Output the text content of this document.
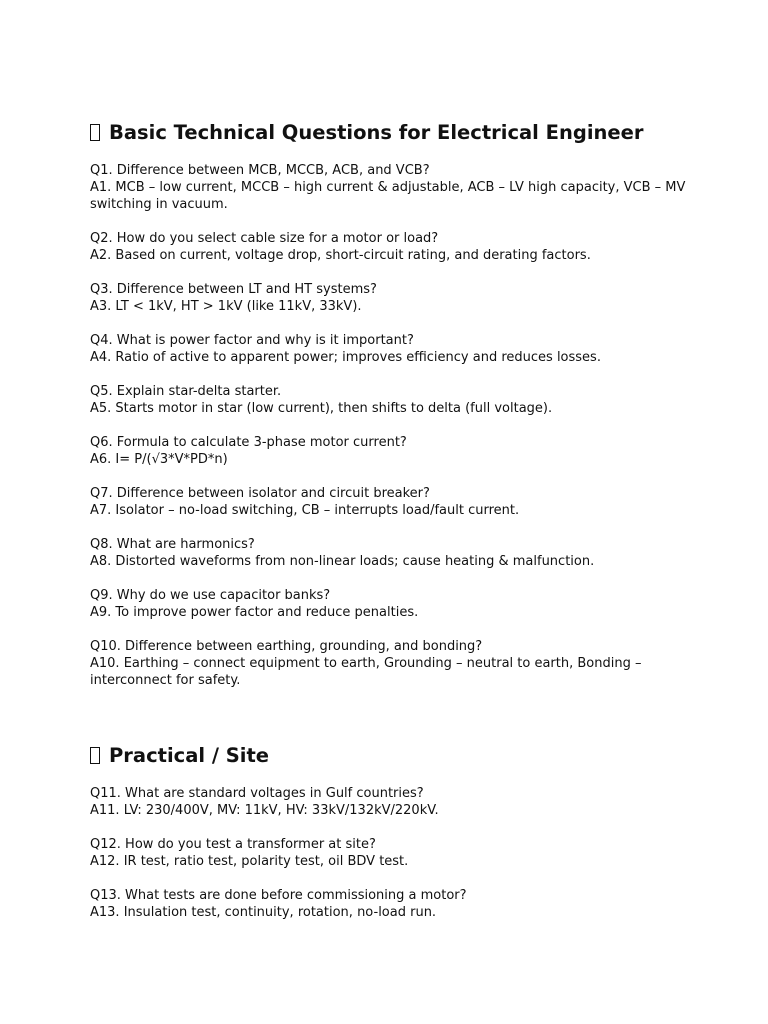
Basic Technical Questions for Electrical Engineer

Q1. Difference between MCB, MCCB, ACB, and VCB?
A1. MCB – low current, MCCB – high current & adjustable, ACB – LV high capacity, VCB – MV switching in vacuum.

Q2. How do you select cable size for a motor or load?
A2. Based on current, voltage drop, short-circuit rating, and derating factors.

Q3. Difference between LT and HT systems?
A3. LT < 1kV, HT > 1kV (like 11kV, 33kV).

Q4. What is power factor and why is it important?
A4. Ratio of active to apparent power; improves efficiency and reduces losses.

Q5. Explain star-delta starter.
A5. Starts motor in star (low current), then shifts to delta (full voltage).

Q6. Formula to calculate 3-phase motor current?
A6. I= P/(√3*V*PD*n)

Q7. Difference between isolator and circuit breaker?
A7. Isolator – no-load switching, CB – interrupts load/fault current.

Q8. What are harmonics?
A8. Distorted waveforms from non-linear loads; cause heating & malfunction.

Q9. Why do we use capacitor banks?
A9. To improve power factor and reduce penalties.

Q10. Difference between earthing, grounding, and bonding?
A10. Earthing – connect equipment to earth, Grounding – neutral to earth, Bonding – interconnect for safety.

Practical / Site

Q11. What are standard voltages in Gulf countries?
A11. LV: 230/400V, MV: 11kV, HV: 33kV/132kV/220kV.

Q12. How do you test a transformer at site?
A12. IR test, ratio test, polarity test, oil BDV test.

Q13. What tests are done before commissioning a motor?
A13. Insulation test, continuity, rotation, no-load run.
